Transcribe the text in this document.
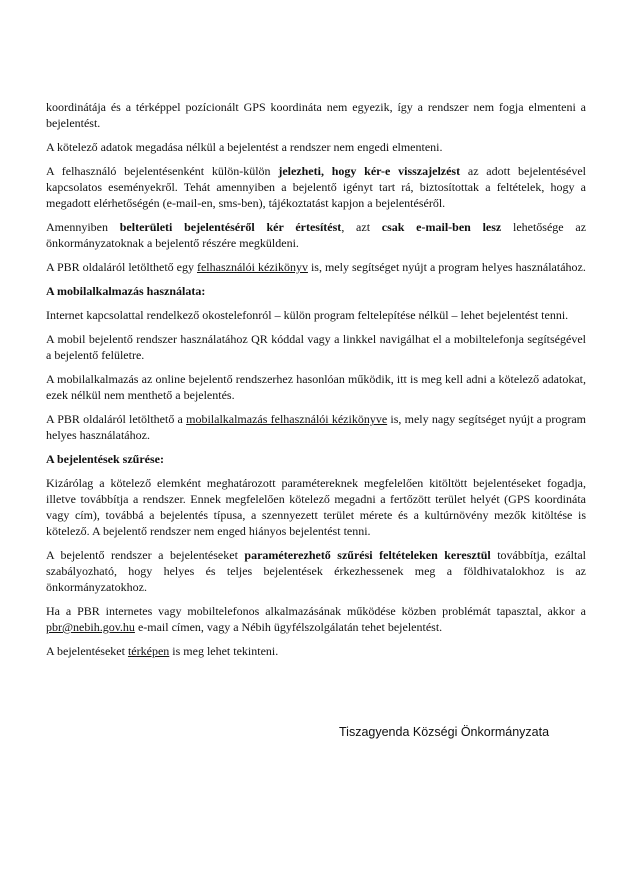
koordinátája és a térképpel pozícionált GPS koordináta nem egyezik, így a rendszer nem fogja elmenteni a bejelentést.

A kötelező adatok megadása nélkül a bejelentést a rendszer nem engedi elmenteni.

A felhasználó bejelentésenként külön-külön jelezheti, hogy kér-e visszajelzést az adott bejelentésével kapcsolatos eseményekről. Tehát amennyiben a bejelentő igényt tart rá, biztosítottak a feltételek, hogy a megadott elérhetőségén (e-mail-en, sms-ben), tájékoztatást kapjon a bejelentéséről.

Amennyiben belterületi bejelentéséről kér értesítést, azt csak e-mail-ben lesz lehetősége az önkormányzatoknak a bejelentő részére megküldeni.

A PBR oldaláról letölthető egy felhasználói kézikönyv is, mely segítséget nyújt a program helyes használatához.

A mobilalkalmazás használata:

Internet kapcsolattal rendelkező okostelefonról – külön program feltelepítése nélkül – lehet bejelentést tenni.

A mobil bejelentő rendszer használatához QR kóddal vagy a linkkel navigálhat el a mobiltelefonja segítségével a bejelentő felületre.

A mobilalkalmazás az online bejelentő rendszerhez hasonlóan működik, itt is meg kell adni a kötelező adatokat, ezek nélkül nem menthető a bejelentés.

A PBR oldaláról letölthető a mobilalkalmazás felhasználói kézikönyve is, mely nagy segítséget nyújt a program helyes használatához.

A bejelentések szűrése:

Kizárólag a kötelező elemként meghatározott paramétereknek megfelelően kitöltött bejelentéseket fogadja, illetve továbbítja a rendszer. Ennek megfelelően kötelező megadni a fertőzött terület helyét (GPS koordináta vagy cím), továbbá a bejelentés típusa, a szennyezett terület mérete és a kultúrnövény mezők kitöltése is kötelező. A bejelentő rendszer nem enged hiányos bejelentést tenni.

A bejelentő rendszer a bejelentéseket paraméterezhető szűrési feltételeken keresztül továbbítja, ezáltal szabályozható, hogy helyes és teljes bejelentések érkezhessenek meg a földhivatalokhoz is az önkormányzatokhoz.

Ha a PBR internetes vagy mobiltelefonos alkalmazásának működése közben problémát tapasztal, akkor a pbr@nebih.gov.hu e-mail címen, vagy a Nébih ügyfélszolgálatán tehet bejelentést.

A bejelentéseket térképen is meg lehet tekinteni.

Tiszagyenda Községi Önkormányzata
